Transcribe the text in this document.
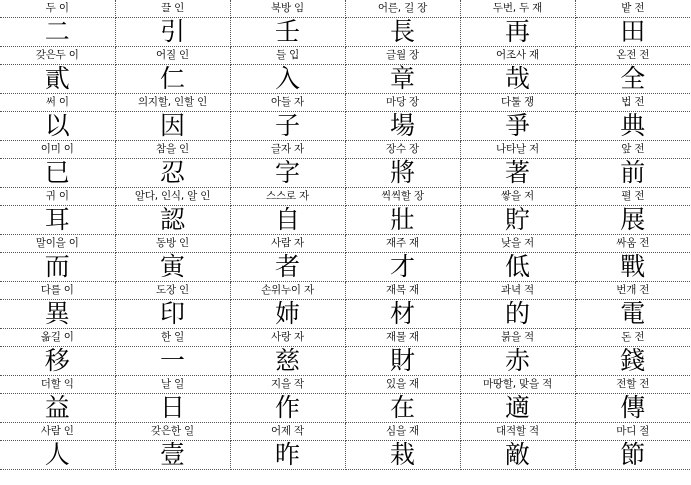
두 이	끌 인	북방 임	어른, 길 장	두번, 두 재	밭 전
二	引	壬	長	再	田
갖은두 이	어질 인	들 입	글월 장	어조사 재	온전 전
貳	仁	入	章	哉	全
써 이	의지할, 인할 인	아들 자	마당 장	다툴 쟁	법 전
以	因	子	場	爭	典
이미 이	참을 인	글자 자	장수 장	나타날 저	앞 전
已	忍	字	將	著	前
귀 이	알다, 인식, 알 인	스스로 자	씩씩할 장	쌓을 저	펼 전
耳	認	自	壯	貯	展
말이을 이	동방 인	사람 자	재주 재	낮을 저	싸움 전
而	寅	者	才	低	戰
다를 이	도장 인	손위누이 자	재목 재	과녁 적	번개 전
異	印	姉	材	的	電
옮길 이	한 일	사랑 자	재물 재	붉을 적	돈 전
移	一	慈	財	赤	錢
더할 익	날 일	지을 작	있을 재	마땅할, 맞을 적	전할 전
益	日	作	在	適	傳
사람 인	갖은한 일	어제 작	심을 재	대적할 적	마디 절
人	壹	昨	栽	敵	節
